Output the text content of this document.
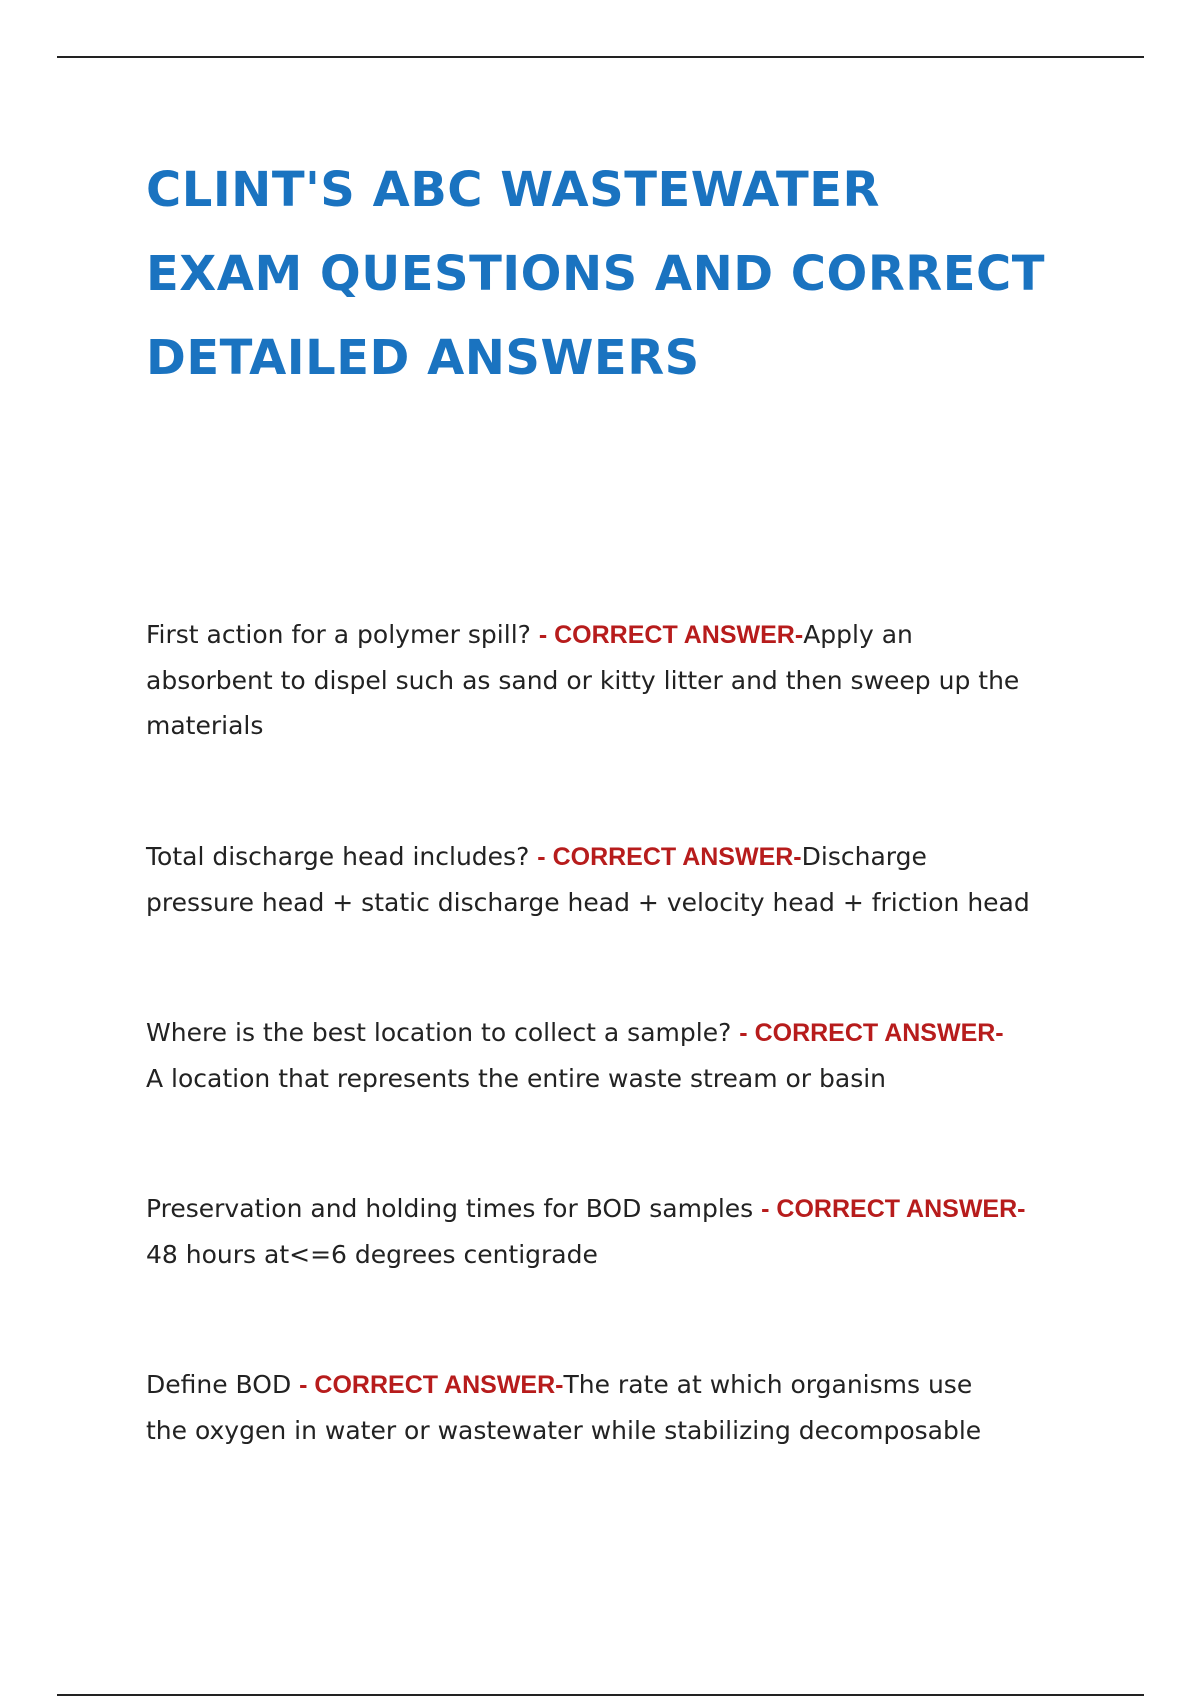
CLINT'S ABC WASTEWATER
EXAM QUESTIONS AND CORRECT
DETAILED ANSWERS
First action for a polymer spill? - CORRECT ANSWER-Apply an
absorbent to dispel such as sand or kitty litter and then sweep up the
materials
Total discharge head includes? - CORRECT ANSWER-Discharge
pressure head + static discharge head + velocity head + friction head
Where is the best location to collect a sample? - CORRECT ANSWER-
A location that represents the entire waste stream or basin
Preservation and holding times for BOD samples - CORRECT ANSWER-
48 hours at<=6 degrees centigrade
Define BOD - CORRECT ANSWER-The rate at which organisms use
the oxygen in water or wastewater while stabilizing decomposable
